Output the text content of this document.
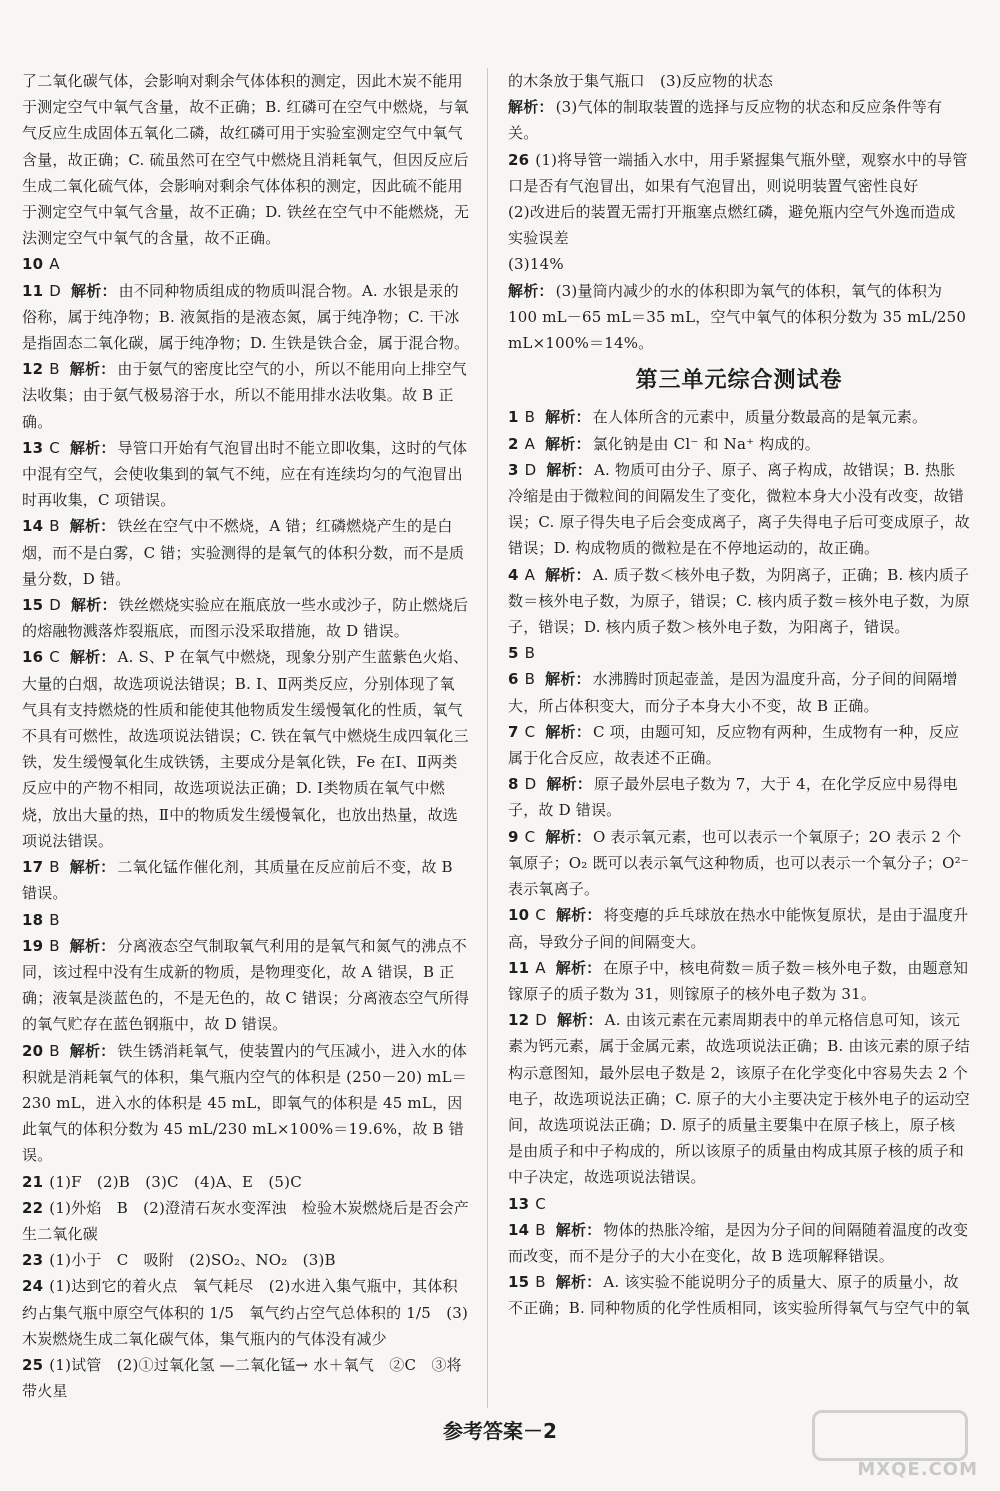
了二氧化碳气体，会影响对剩余气体体积的测定，因此木炭不能用于测定空气中氧气含量，故不正确；B. 红磷可在空气中燃烧，与氧气反应生成固体五氧化二磷，故红磷可用于实验室测定空气中氧气含量，故正确；C. 硫虽然可在空气中燃烧且消耗氧气，但因反应后生成二氧化硫气体，会影响对剩余气体体积的测定，因此硫不能用于测定空气中氧气含量，故不正确；D. 铁丝在空气中不能燃烧，无法测定空气中氧气的含量，故不正确。

10 A

11 D 解析： 由不同种物质组成的物质叫混合物。A. 水银是汞的俗称，属于纯净物；B. 液氮指的是液态氮，属于纯净物；C. 干冰是指固态二氧化碳，属于纯净物；D. 生铁是铁合金，属于混合物。

12 B 解析： 由于氨气的密度比空气的小，所以不能用向上排空气法收集；由于氨气极易溶于水，所以不能用排水法收集。故 B 正确。

13 C 解析： 导管口开始有气泡冒出时不能立即收集，这时的气体中混有空气，会使收集到的氧气不纯，应在有连续均匀的气泡冒出时再收集，C 项错误。

14 B 解析： 铁丝在空气中不燃烧，A 错；红磷燃烧产生的是白烟，而不是白雾，C 错；实验测得的是氧气的体积分数，而不是质量分数，D 错。

15 D 解析： 铁丝燃烧实验应在瓶底放一些水或沙子，防止燃烧后的熔融物溅落炸裂瓶底，而图示没采取措施，故 D 错误。

16 C 解析： A. S、P 在氧气中燃烧，现象分别产生蓝紫色火焰、大量的白烟，故选项说法错误；B. Ⅰ、Ⅱ两类反应，分别体现了氧气具有支持燃烧的性质和能使其他物质发生缓慢氧化的性质，氧气不具有可燃性，故选项说法错误；C. 铁在氧气中燃烧生成四氧化三铁，发生缓慢氧化生成铁锈，主要成分是氧化铁，Fe 在Ⅰ、Ⅱ两类反应中的产物不相同，故选项说法正确；D. Ⅰ类物质在氧气中燃烧，放出大量的热，Ⅱ中的物质发生缓慢氧化，也放出热量，故选项说法错误。

17 B 解析： 二氧化锰作催化剂，其质量在反应前后不变，故 B 错误。

18 B

19 B 解析： 分离液态空气制取氧气利用的是氧气和氮气的沸点不同，该过程中没有生成新的物质，是物理变化，故 A 错误，B 正确；液氧是淡蓝色的，不是无色的，故 C 错误；分离液态空气所得的氧气贮存在蓝色钢瓶中，故 D 错误。

20 B 解析： 铁生锈消耗氧气，使装置内的气压减小，进入水的体积就是消耗氧气的体积，集气瓶内空气的体积是 (250－20) mL＝230 mL，进入水的体积是 45 mL，即氧气的体积是 45 mL，因此氧气的体积分数为 45 mL/230 mL×100%＝19.6%，故 B 错误。

21 (1)F　(2)B　(3)C　(4)A、E　(5)C

22 (1)外焰　B　(2)澄清石灰水变浑浊　检验木炭燃烧后是否会产生二氧化碳

23 (1)小于　C　吸附　(2)SO₂、NO₂　(3)B

24 (1)达到它的着火点　氧气耗尽　(2)水进入集气瓶中，其体积约占集气瓶中原空气体积的 1/5　氧气约占空气总体积的 1/5　(3)木炭燃烧生成二氧化碳气体，集气瓶内的气体没有减少

25 (1)试管　(2)①过氧化氢 —二氧化锰→ 水＋氧气　②C　③将带火星

的木条放于集气瓶口　(3)反应物的状态

解析： (3)气体的制取装置的选择与反应物的状态和反应条件等有关。

26 (1)将导管一端插入水中，用手紧握集气瓶外壁，观察水中的导管口是否有气泡冒出，如果有气泡冒出，则说明装置气密性良好

(2)改进后的装置无需打开瓶塞点燃红磷，避免瓶内空气外逸而造成实验误差

(3)14%

解析： (3)量筒内减少的水的体积即为氧气的体积，氧气的体积为 100 mL－65 mL＝35 mL，空气中氧气的体积分数为 35 mL/250 mL×100%＝14%。

第三单元综合测试卷

1 B 解析： 在人体所含的元素中，质量分数最高的是氧元素。

2 A 解析： 氯化钠是由 Cl⁻ 和 Na⁺ 构成的。

3 D 解析： A. 物质可由分子、原子、离子构成，故错误；B. 热胀冷缩是由于微粒间的间隔发生了变化，微粒本身大小没有改变，故错误；C. 原子得失电子后会变成离子，离子失得电子后可变成原子，故错误；D. 构成物质的微粒是在不停地运动的，故正确。

4 A 解析： A. 质子数＜核外电子数，为阴离子，正确；B. 核内质子数＝核外电子数，为原子，错误；C. 核内质子数＝核外电子数，为原子，错误；D. 核内质子数＞核外电子数，为阳离子，错误。

5 B

6 B 解析： 水沸腾时顶起壶盖，是因为温度升高，分子间的间隔增大，所占体积变大，而分子本身大小不变，故 B 正确。

7 C 解析： C 项，由题可知，反应物有两种，生成物有一种，反应属于化合反应，故表述不正确。

8 D 解析： 原子最外层电子数为 7，大于 4，在化学反应中易得电子，故 D 错误。

9 C 解析： O 表示氧元素，也可以表示一个氧原子；2O 表示 2 个氧原子；O₂ 既可以表示氧气这种物质，也可以表示一个氧分子；O²⁻ 表示氧离子。

10 C 解析： 将变瘪的乒乓球放在热水中能恢复原状，是由于温度升高，导致分子间的间隔变大。

11 A 解析： 在原子中，核电荷数＝质子数＝核外电子数，由题意知镓原子的质子数为 31，则镓原子的核外电子数为 31。

12 D 解析： A. 由该元素在元素周期表中的单元格信息可知，该元素为钙元素，属于金属元素，故选项说法正确；B. 由该元素的原子结构示意图知，最外层电子数是 2，该原子在化学变化中容易失去 2 个电子，故选项说法正确；C. 原子的大小主要决定于核外电子的运动空间，故选项说法正确；D. 原子的质量主要集中在原子核上，原子核是由质子和中子构成的，所以该原子的质量由构成其原子核的质子和中子决定，故选项说法错误。

13 C

14 B 解析： 物体的热胀冷缩，是因为分子间的间隔随着温度的改变而改变，而不是分子的大小在变化，故 B 选项解释错误。

15 B 解析： A. 该实验不能说明分子的质量大、原子的质量小，故不正确；B. 同种物质的化学性质相同，该实验所得氧气与空气中的氧

参考答案－2
MXQE.COM
